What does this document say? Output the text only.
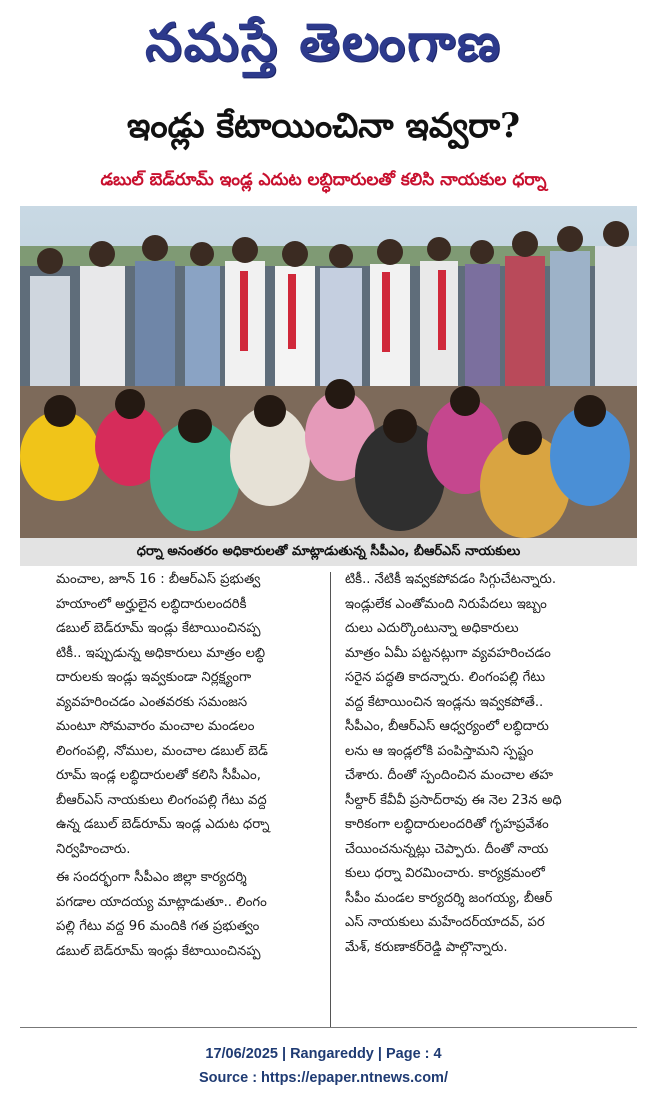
నమస్తే తెలంగాణ
ఇండ్లు కేటాయించినా ఇవ్వరా?
డబుల్ బెడ్‌రూమ్ ఇండ్ల ఎదుట లబ్ధిదారులతో కలిసి నాయకుల ధర్నా
ధర్నా అనంతరం అధికారులతో మాట్లాడుతున్న సీపీఎం, బీఆర్ఎస్ నాయకులు

మంచాల, జూన్ 16 : బీఆర్ఎస్ ప్రభుత్వ
హయాంలో అర్హులైన లబ్ధిదారులందరికీ
డబుల్ బెడ్‌రూమ్ ఇండ్లు కేటాయించినప్ప
టికీ.. ఇప్పుడున్న అధికారులు మాత్రం లబ్ధి
దారులకు ఇండ్లు ఇవ్వకుండా నిర్లక్ష్యంగా
వ్యవహరించడం ఎంతవరకు సమంజస
మంటూ సోమవారం మంచాల మండలం
లింగంపల్లి, నోముల, మంచాల డబుల్ బెడ్
రూమ్ ఇండ్ల లబ్ధిదారులతో కలిసి సీపీఎం,
బీఆర్ఎస్ నాయకులు లింగంపల్లి గేటు వద్ద
ఉన్న డబుల్ బెడ్‌రూమ్ ఇండ్ల ఎదుట ధర్నా
నిర్వహించారు.

ఈ సందర్భంగా సీపీఎం జిల్లా కార్యదర్శి
పగడాల యాదయ్య మాట్లాడుతూ.. లింగం
పల్లి గేటు వద్ద 96 మందికి గత ప్రభుత్వం
డబుల్ బెడ్‌రూమ్ ఇండ్లు కేటాయించినప్ప

టికీ.. నేటికీ ఇవ్వకపోవడం సిగ్గుచేటన్నారు.
ఇండ్లులేక ఎంతోమంది నిరుపేదలు ఇబ్బం
దులు ఎదుర్కొంటున్నా అధికారులు
మాత్రం ఏమీ పట్టనట్లుగా వ్యవహరించడం
సరైన పద్ధతి కాదన్నారు. లింగంపల్లి గేటు
వద్ద కేటాయించిన ఇండ్లను ఇవ్వకపోతే..
సీపీఎం, బీఆర్ఎస్ ఆధ్వర్యంలో లబ్ధిదారు
లను ఆ ఇండ్లలోకి పంపిస్తామని స్పష్టం
చేశారు. దీంతో స్పందించిన మంచాల తహ
సీల్దార్ కేవీవీ ప్రసాద్‌రావు ఈ నెల 23న అధి
కారికంగా లబ్ధిదారులందరితో గృహప్రవేశం
చేయించనున్నట్లు చెప్పారు. దీంతో నాయ
కులు ధర్నా విరమించారు. కార్యక్రమంలో
సీపీం మండల కార్యదర్శి జంగయ్య, బీఆర్
ఎస్ నాయకులు మహేందర్‌యాదవ్, పర
మేశ్, కరుణాకర్‌రెడ్డి పాల్గొన్నారు.

17/06/2025 | Rangareddy | Page : 4
Source : https://epaper.ntnews.com/
